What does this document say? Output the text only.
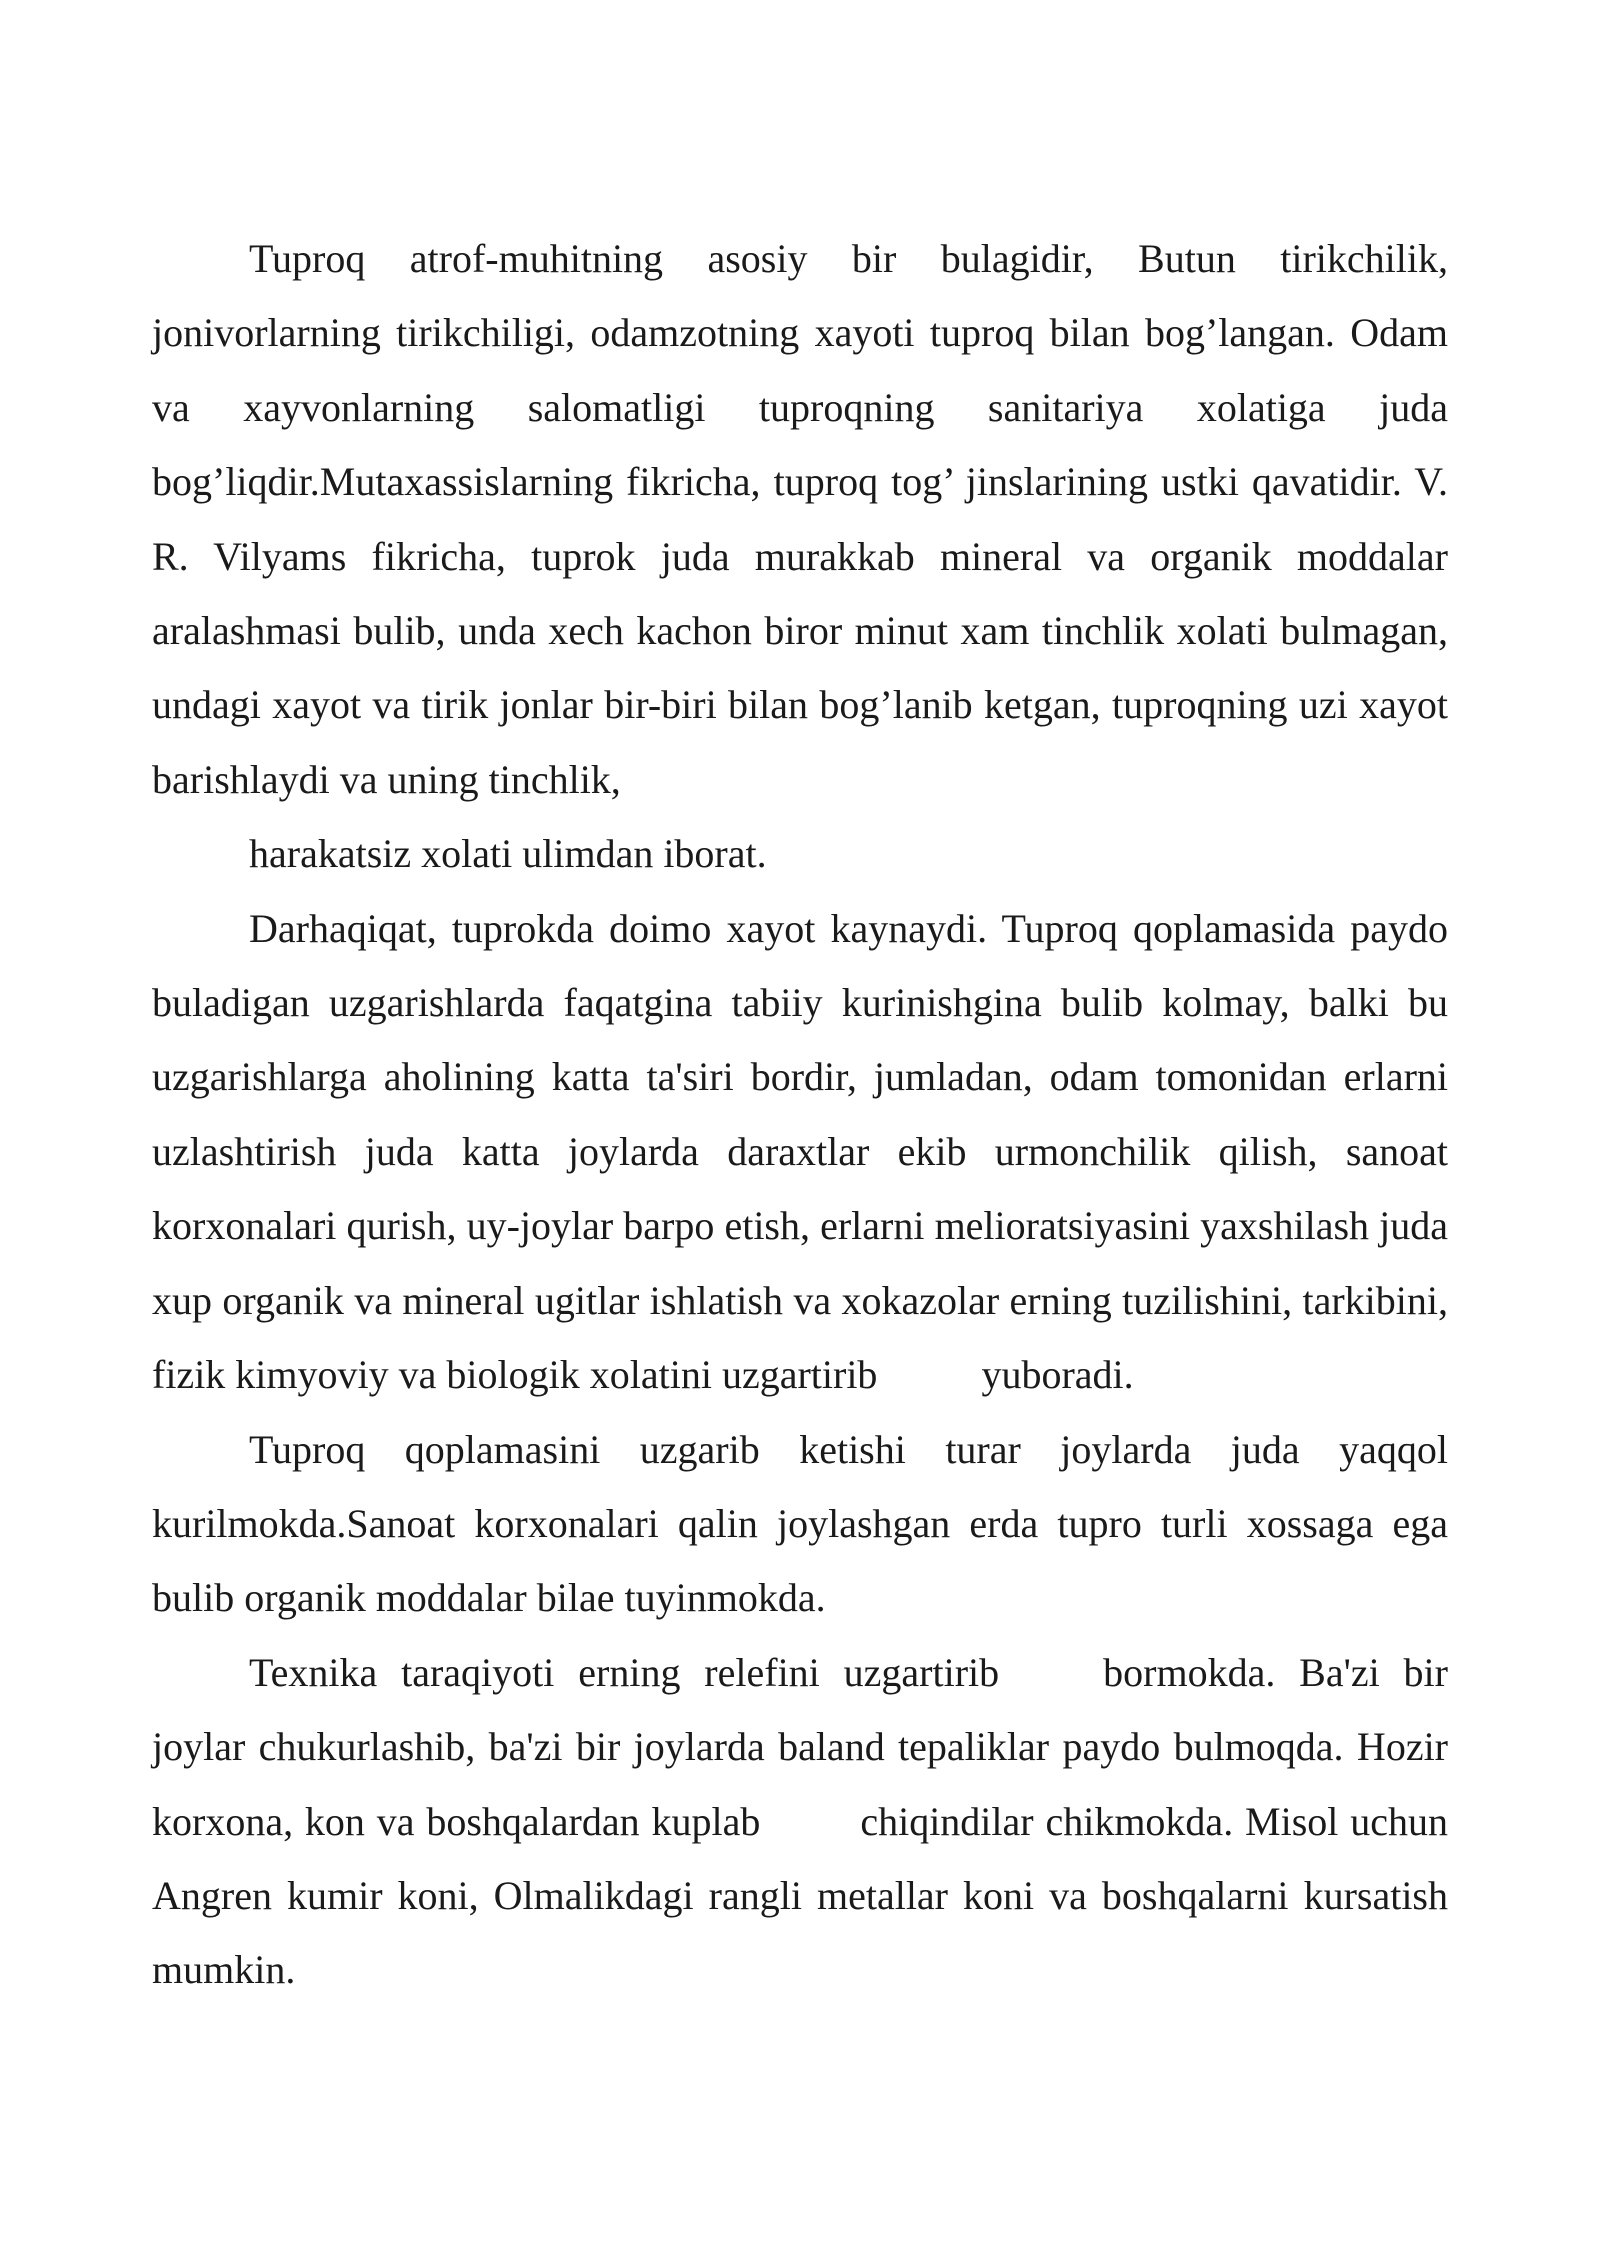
Tuproq atrof-muhitning asosiy bir bulagidir, Butun tirikchilik, jonivorlarning tirikchiligi, odamzotning xayoti tuproq bilan bog’langan. Odam va xayvonlarning salomatligi tuproqning sanitariya xolatiga juda bog’liqdir.Mutaxassislarning fikricha, tuproq tog’ jinslarining ustki qavatidir. V. R. Vilyams fikricha, tuprok juda murakkab mineral va organik moddalar aralashmasi bulib, unda xech kachon biror minut xam tinchlik xolati bulmagan, undagi xayot va tirik jonlar bir-biri bilan bog’lanib ketgan, tuproqning uzi xayot barishlaydi va uning tinchlik,

harakatsiz xolati ulimdan iborat.

Darhaqiqat, tuprokda doimo xayot kaynaydi. Tuproq qoplamasida paydo buladigan uzgarishlarda faqatgina tabiiy kurinishgina bulib kolmay, balki bu uzgarishlarga aholining katta ta'siri bordir, jumladan, odam tomonidan erlarni uzlashtirish juda katta joylarda daraxtlar ekib urmonchilik qilish, sanoat korxonalari qurish, uy-joylar barpo etish, erlarni melioratsiyasini yaxshilash juda xup organik va mineral ugitlar ishlatish va xokazolar erning tuzilishini, tarkibini, fizik kimyoviy va biologik xolatini uzgartirib	yuboradi.

Tuproq qoplamasini uzgarib ketishi turar joylarda juda yaqqol kurilmokda.Sanoat korxonalari qalin joylashgan erda tupro turli xossaga ega bulib organik moddalar bilae tuyinmokda.

Texnika taraqiyoti erning relefini uzgartirib	bormokda. Ba'zi bir joylar chukurlashib, ba'zi bir joylarda baland tepaliklar paydo bulmoqda. Hozir korxona, kon va boshqalardan kuplab	chiqindilar chikmokda. Misol uchun Angren kumir koni, Olmalikdagi rangli metallar koni va boshqalarni kursatish mumkin.
